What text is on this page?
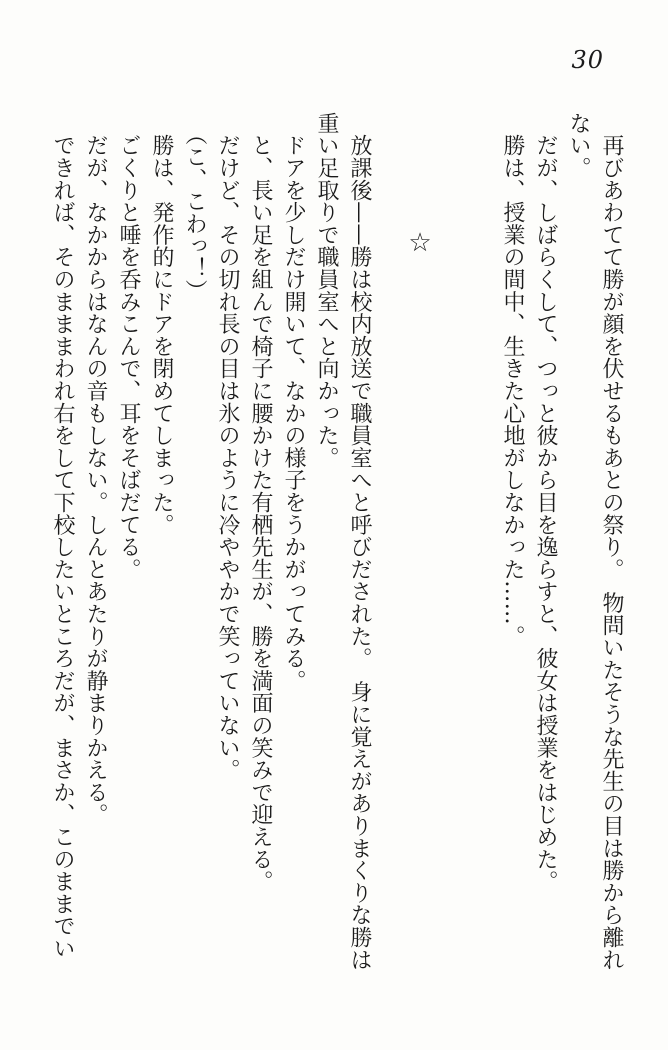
30

　再びあわてて勝が顔を伏せるもあとの祭り。　物問いたそうな先生の目は勝から離れ

ない。

　だが、しばらくして、つっと彼から目を逸らすと、彼女は授業をはじめた。

　勝は、授業の間中、生きた心地がしなかった……。

☆

　放課後——勝は校内放送で職員室へと呼びだされた。　身に覚えがありまくりな勝は

重い足取りで職員室へと向かった。

　ドアを少しだけ開いて、なかの様子をうかがってみる。

　と、長い足を組んで椅子に腰かけた有栖先生が、勝を満面の笑みで迎える。

　だけど、その切れ長の目は氷のように冷ややかで笑っていない。

　（こ、こわっ！）

　勝は、発作的にドアを閉めてしまった。

　ごくりと唾を呑みこんで、耳をそばだてる。

　だが、なかからはなんの音もしない。しんとあたりが静まりかえる。

　できれば、そのまままわれ右をして下校したいところだが、まさか、このままでい
